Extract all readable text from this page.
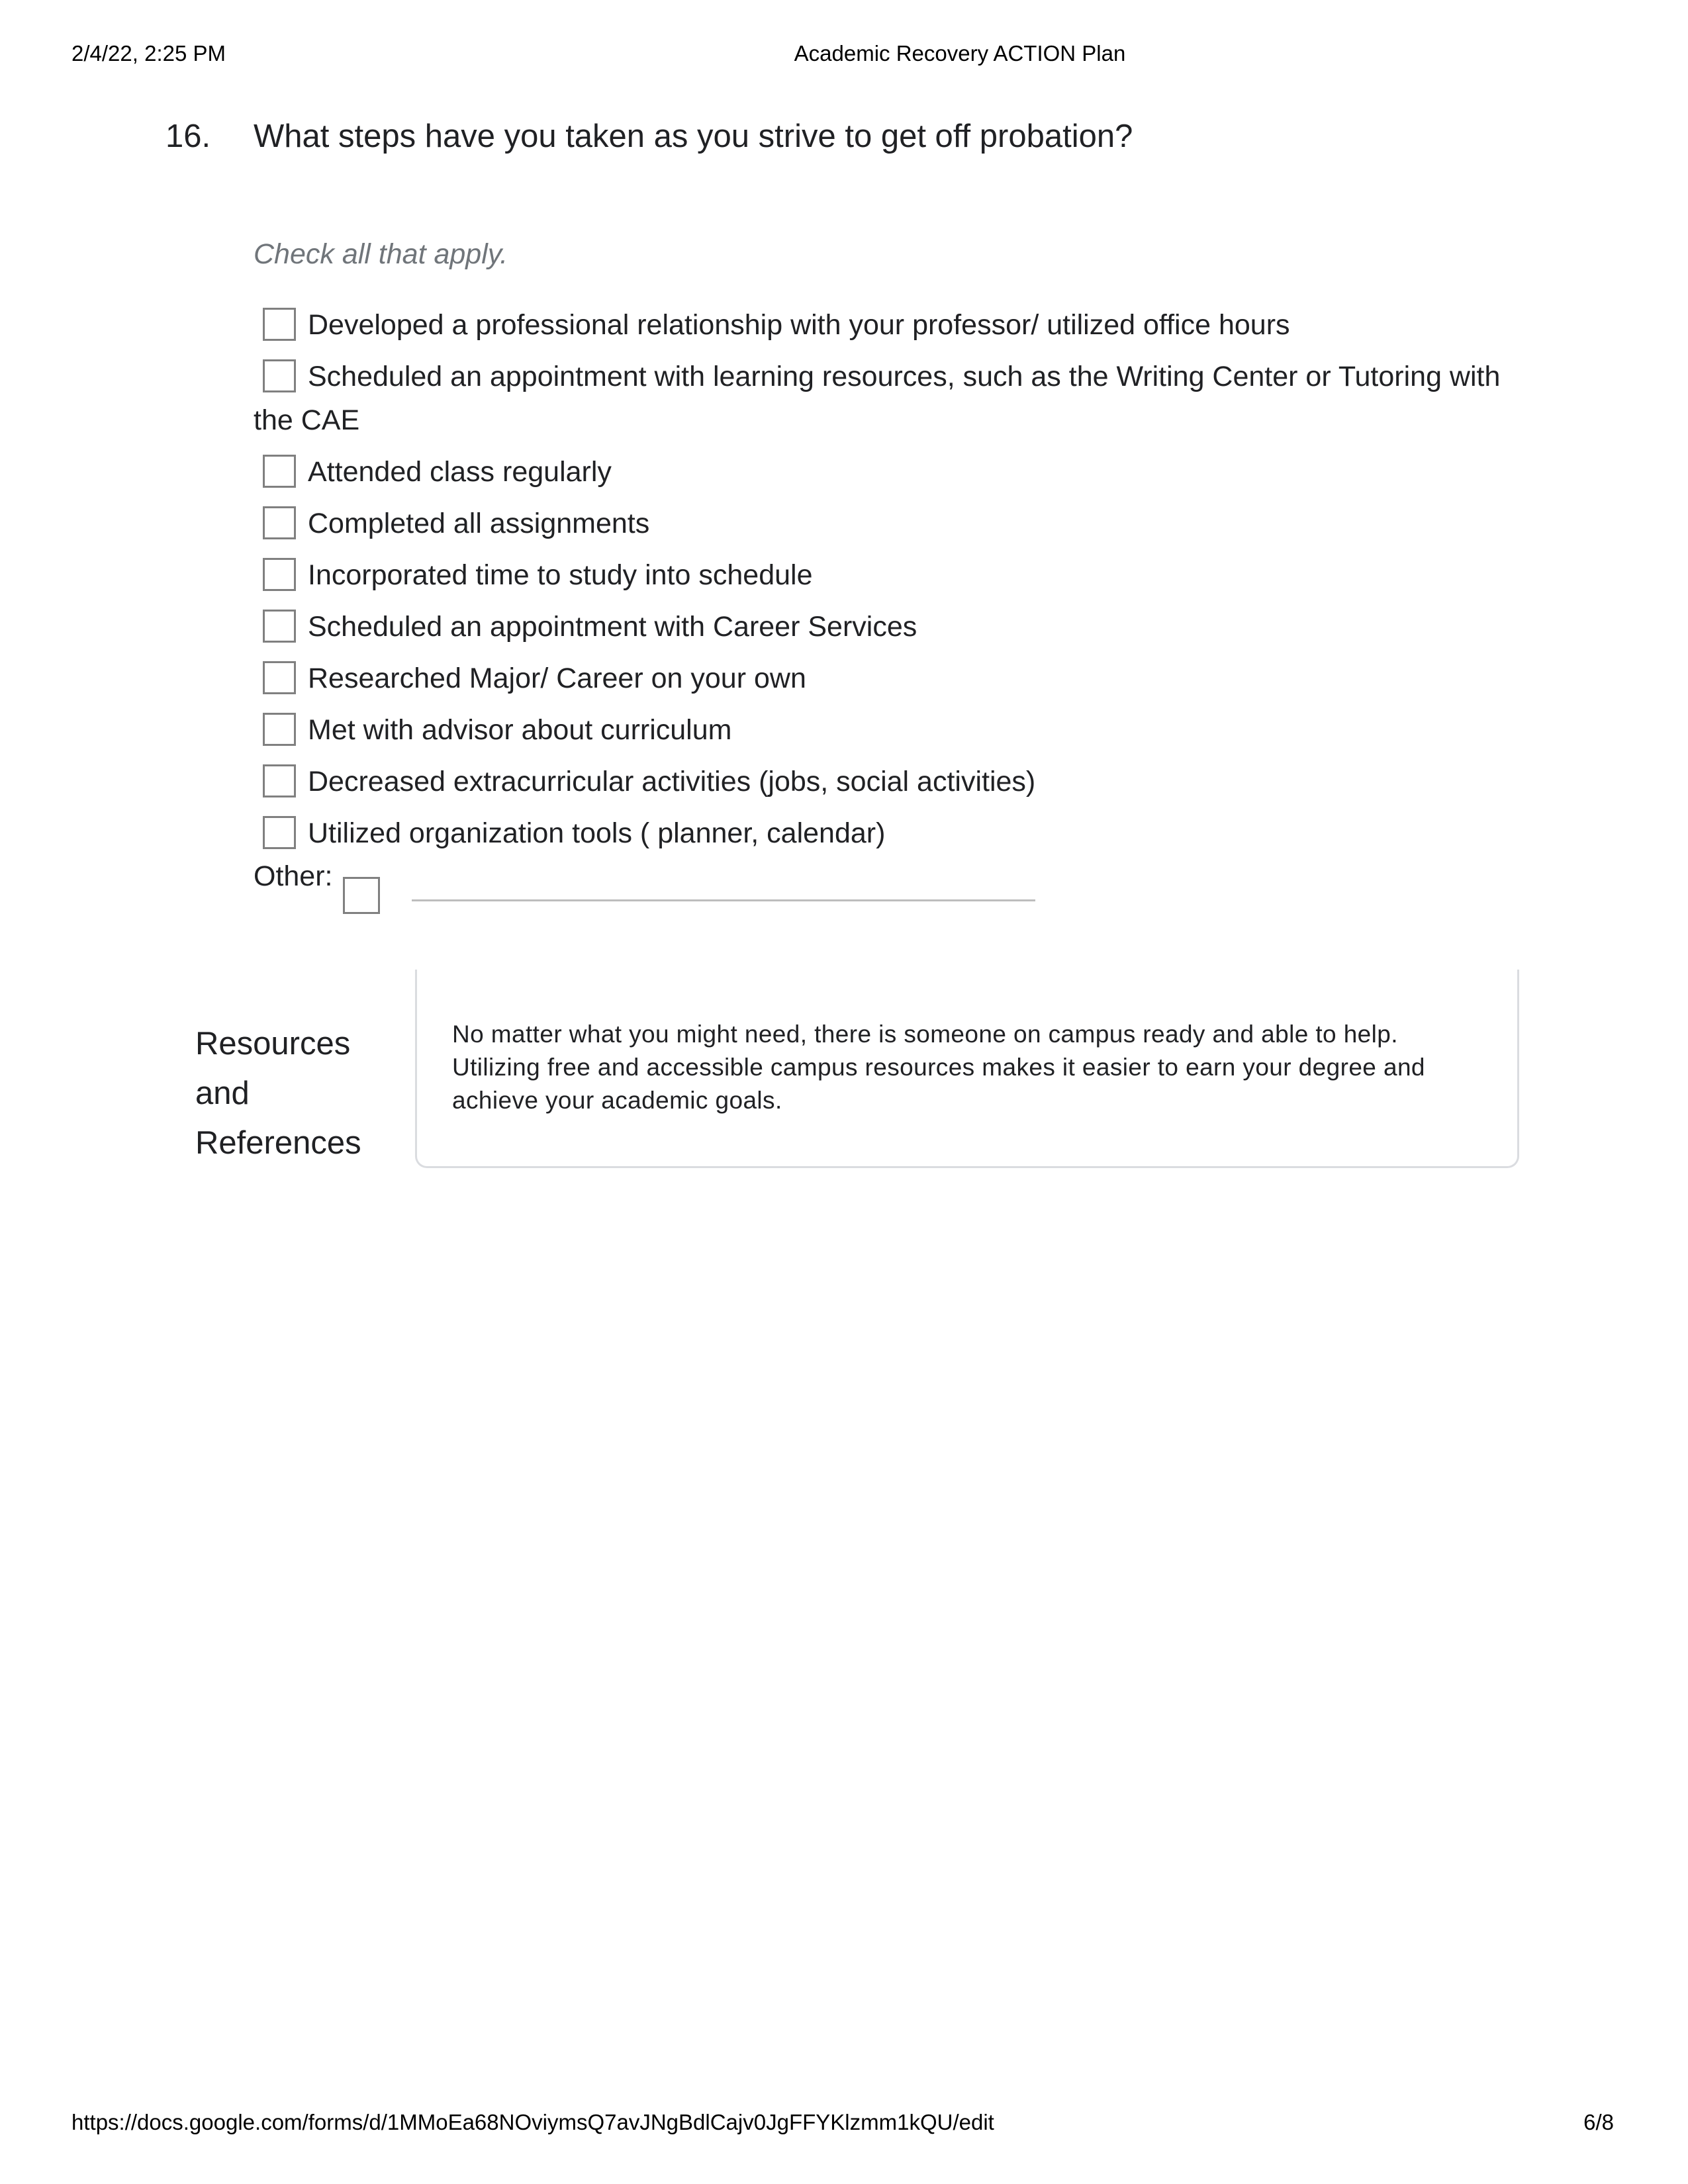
2/4/22, 2:25 PM	Academic Recovery ACTION Plan
16. What steps have you taken as you strive to get off probation?
Check all that apply.
Developed a professional relationship with your professor/ utilized office hours
Scheduled an appointment with learning resources, such as the Writing Center or Tutoring with the CAE
Attended class regularly
Completed all assignments
Incorporated time to study into schedule
Scheduled an appointment with Career Services
Researched Major/ Career on your own
Met with advisor about curriculum
Decreased extracurricular activities (jobs, social activities)
Utilized organization tools ( planner, calendar)
Other:
Resources
and
References
No matter what you might need, there is someone on campus ready and able to help. Utilizing free and accessible campus resources makes it easier to earn your degree and achieve your academic goals.
https://docs.google.com/forms/d/1MMoEa68NOviymsQ7avJNgBdlCajv0JgFFYKlzmm1kQU/edit	6/8
